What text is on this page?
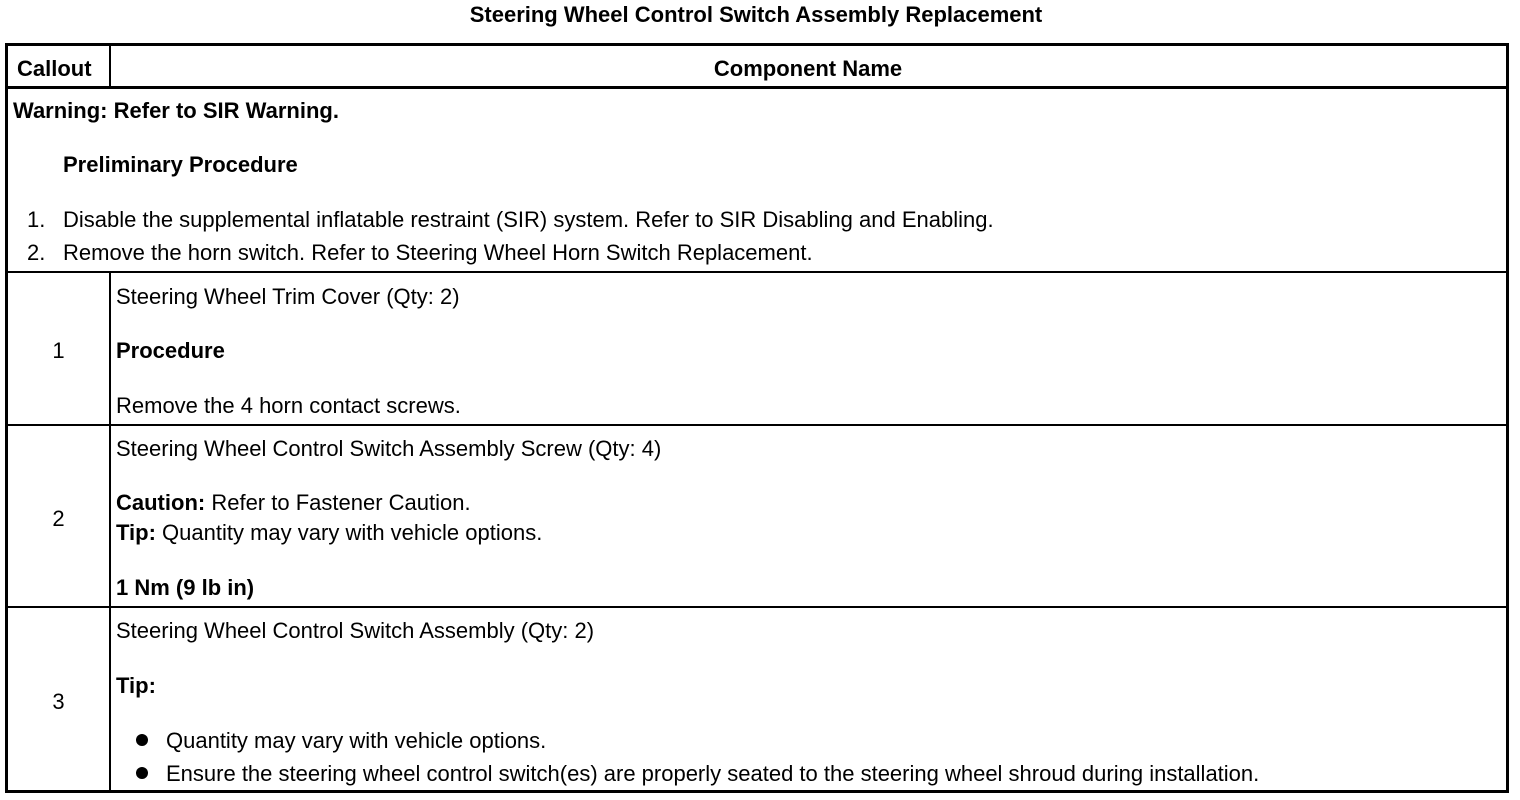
Steering Wheel Control Switch Assembly Replacement
Callout	Component Name
Warning: Refer to SIR Warning.
Preliminary Procedure
1. Disable the supplemental inflatable restraint (SIR) system. Refer to SIR Disabling and Enabling.
2. Remove the horn switch. Refer to Steering Wheel Horn Switch Replacement.
1
Steering Wheel Trim Cover (Qty: 2)
Procedure
Remove the 4 horn contact screws.
2
Steering Wheel Control Switch Assembly Screw (Qty: 4)
Caution: Refer to Fastener Caution.
Tip: Quantity may vary with vehicle options.
1 Nm (9 lb in)
3
Steering Wheel Control Switch Assembly (Qty: 2)
Tip:
Quantity may vary with vehicle options.
Ensure the steering wheel control switch(es) are properly seated to the steering wheel shroud during installation.
